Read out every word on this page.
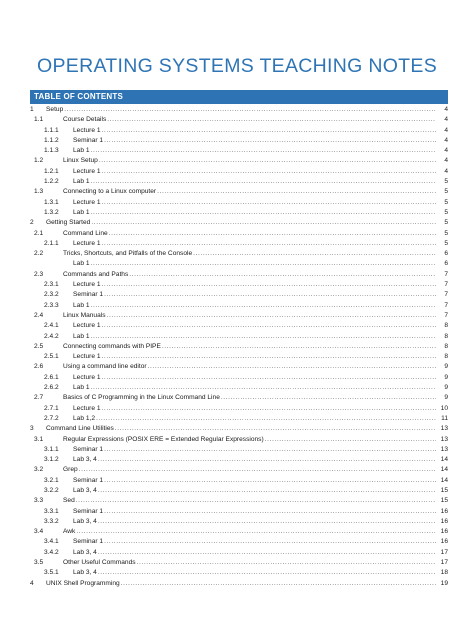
OPERATING SYSTEMS TEACHING NOTES
TABLE OF CONTENTS
1 Setup .....	4
1.1	Course Details .....	4
1.1.1 Lecture 1 .....	4
1.1.2 Seminar 1 .....	4
1.1.3 Lab 1 .....	4
1.2	Linux Setup .....	4
1.2.1 Lecture 1 .....	4
1.2.2 Lab 1 .....	5
1.3	Connecting to a Linux computer .....	5
1.3.1 Lecture 1 .....	5
1.3.2 Lab 1 .....	5
2 Getting Started .....	5
2.1	Command Line .....	5
2.1.1 Lecture 1 .....	5
2.2	Tricks, Shortcuts, and Pitfalls of the Console .....	6
Lab 1 .....	6
2.3	Commands and Paths .....	7
2.3.1 Lecture 1 .....	7
2.3.2 Seminar 1 .....	7
2.3.3 Lab 1 .....	7
2.4	Linux Manuals .....	7
2.4.1 Lecture 1 .....	8
2.4.2 Lab 1 .....	8
2.5	Connecting commands with PIPE .....	8
2.5.1 Lecture 1 .....	8
2.6	Using a command line editor .....	9
2.6.1 Lecture 1 .....	9
2.6.2 Lab 1 .....	9
2.7	Basics of C Programming in the Linux Command Line .....	9
2.7.1 Lecture 1 .....	10
2.7.2 Lab 1,2 .....	11
3 Command Line Utilities .....	13
3.1	Regular Expressions (POSIX ERE = Extended Regular Expressions) .....	13
3.1.1 Seminar 1 .....	13
3.1.2 Lab 3, 4 .....	14
3.2	Grep .....	14
3.2.1 Seminar 1 .....	14
3.2.2 Lab 3, 4 .....	15
3.3	Sed .....	15
3.3.1 Seminar 1 .....	16
3.3.2 Lab 3, 4 .....	16
3.4	Awk .....	16
3.4.1 Seminar 1 .....	16
3.4.2 Lab 3, 4 .....	17
3.5	Other Useful Commands .....	17
3.5.1 Lab 3, 4 .....	18
4 UNIX Shell Programming .....	19
